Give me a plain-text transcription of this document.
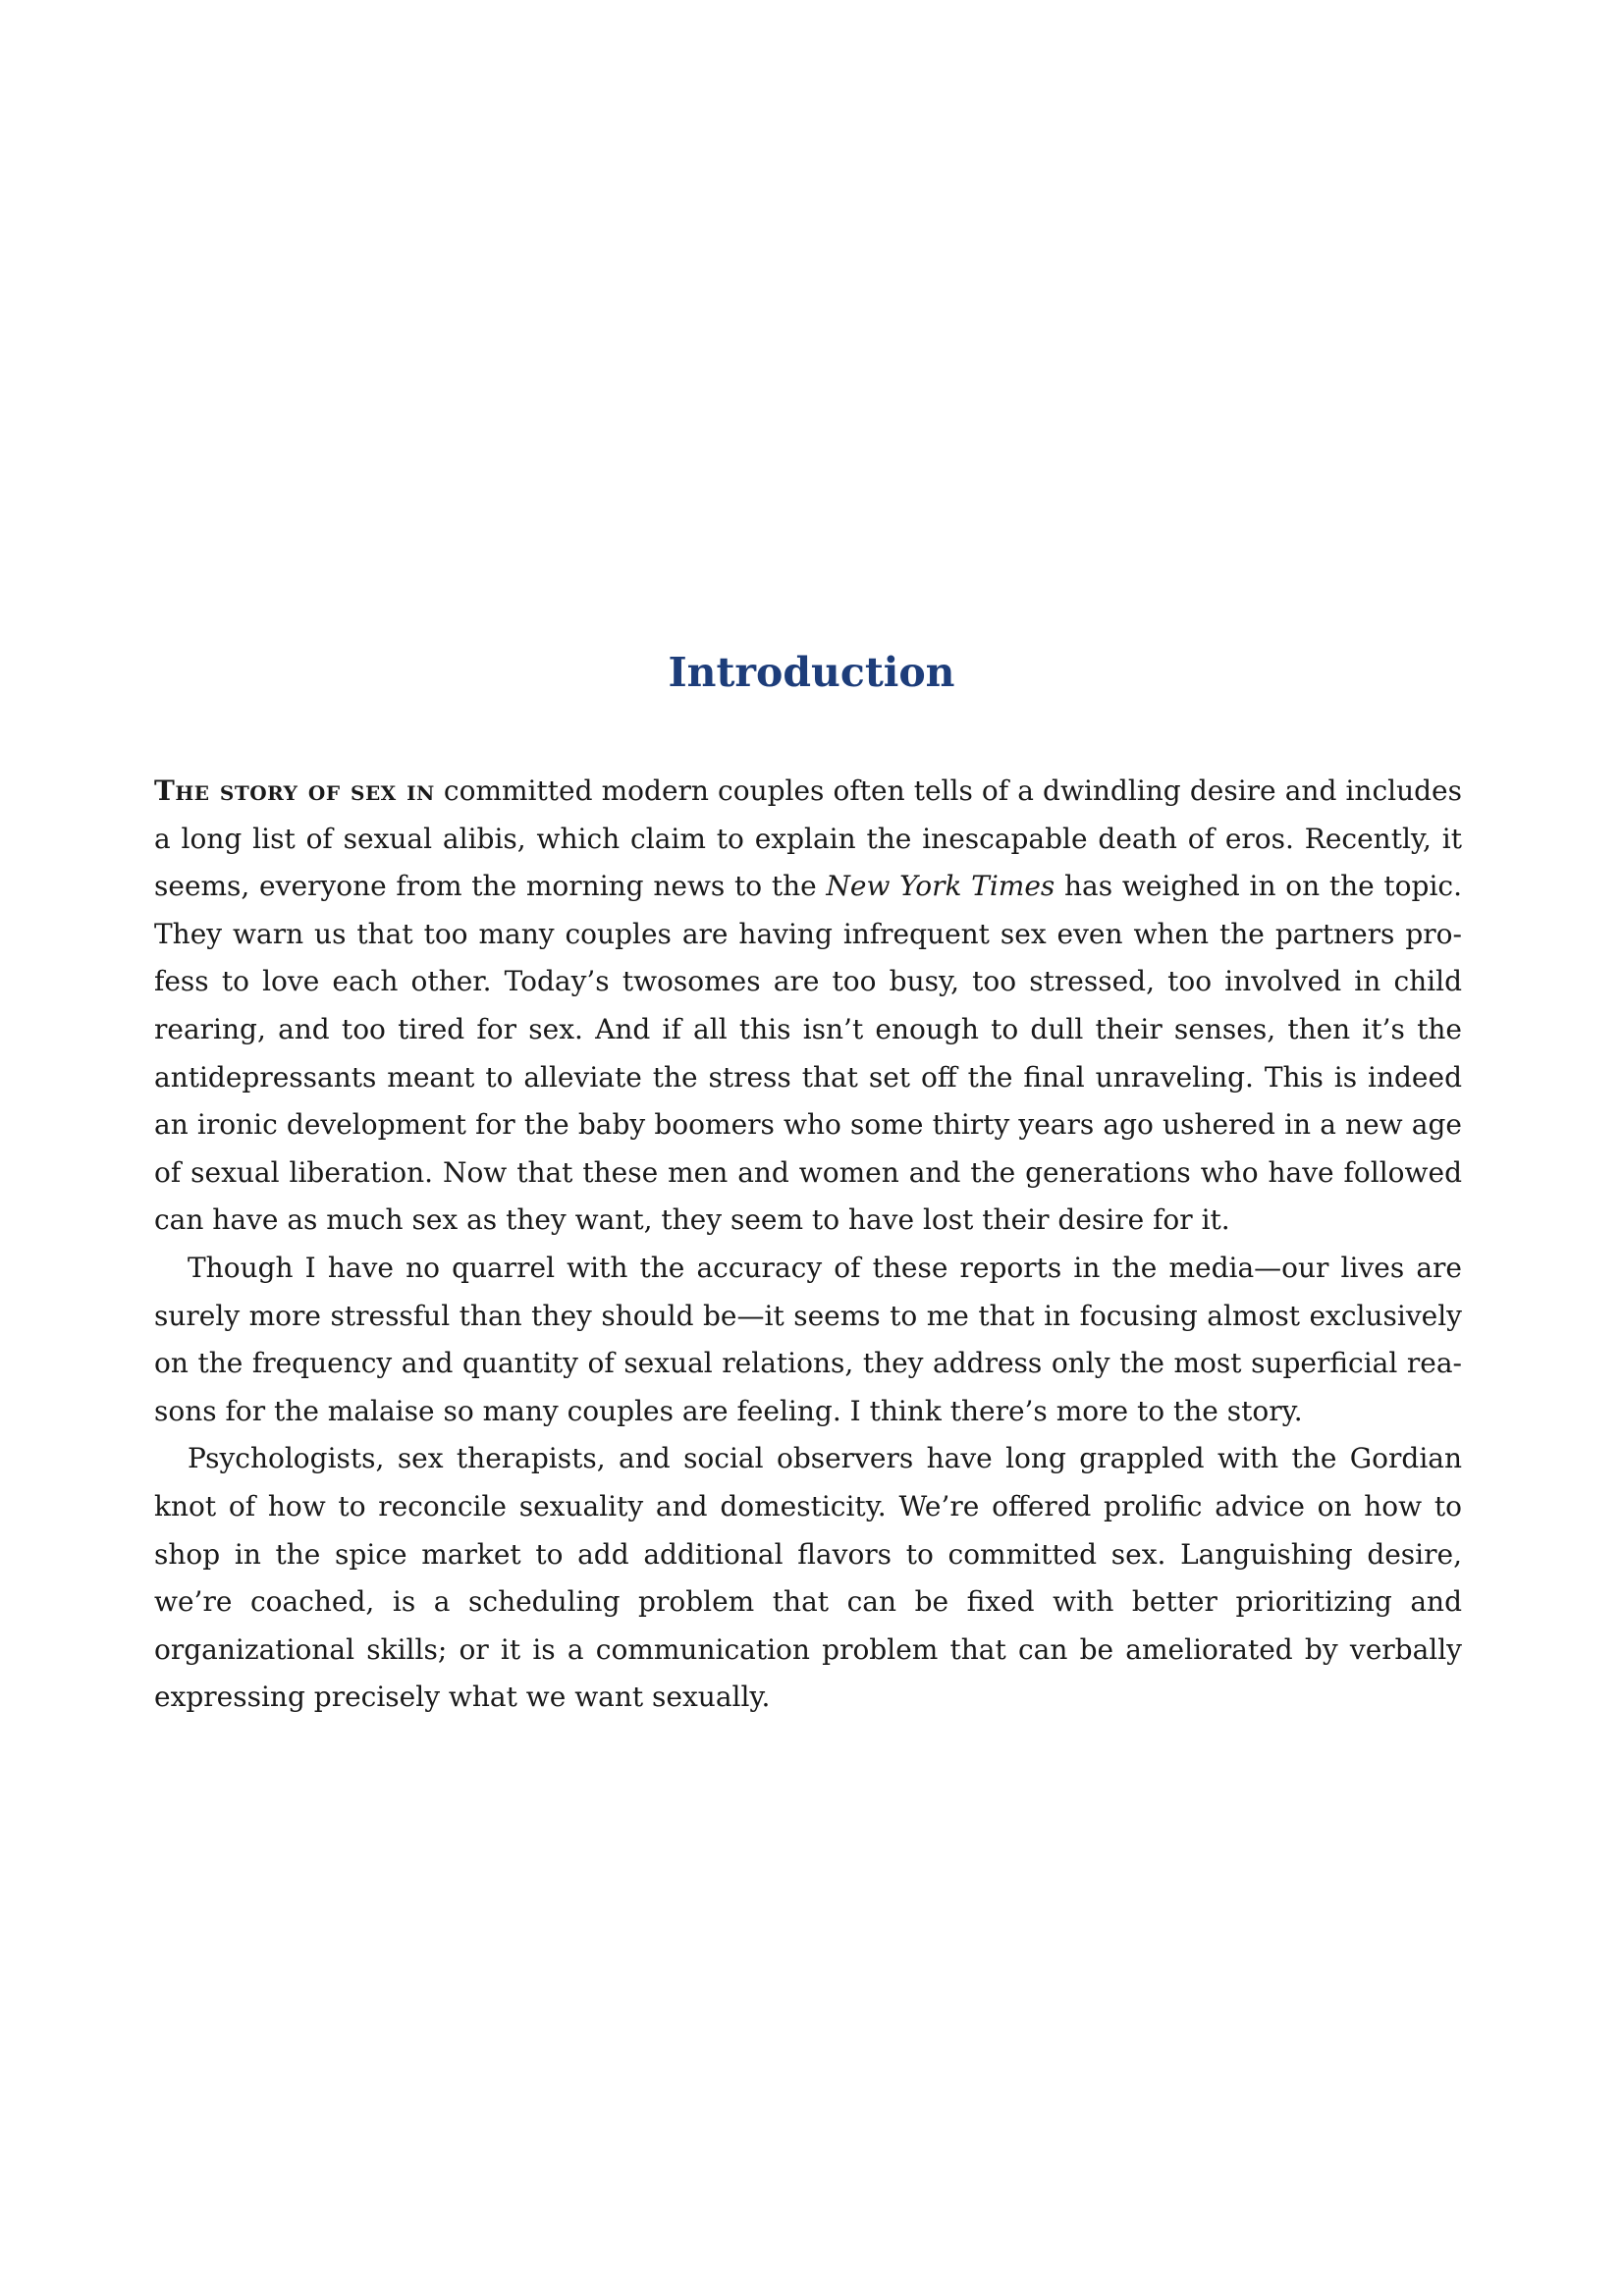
Introduction

The story of sex in committed modern couples often tells of a dwindling desire and includes a long list of sexual alibis, which claim to explain the inescapable death of eros. Recently, it seems, everyone from the morning news to the New York Times has weighed in on the topic. They warn us that too many couples are having infrequent sex even when the partners profess to love each other. Today’s twosomes are too busy, too stressed, too involved in child rearing, and too tired for sex. And if all this isn’t enough to dull their senses, then it’s the antidepressants meant to alleviate the stress that set off the final unraveling. This is indeed an ironic development for the baby boomers who some thirty years ago ushered in a new age of sexual liberation. Now that these men and women and the generations who have followed can have as much sex as they want, they seem to have lost their desire for it.

Though I have no quarrel with the accuracy of these reports in the media—our lives are surely more stressful than they should be—it seems to me that in focusing almost exclusively on the frequency and quantity of sexual relations, they address only the most superficial reasons for the malaise so many couples are feeling. I think there’s more to the story.

Psychologists, sex therapists, and social observers have long grappled with the Gordian knot of how to reconcile sexuality and domesticity. We’re offered prolific advice on how to shop in the spice market to add additional flavors to committed sex. Languishing desire, we’re coached, is a scheduling problem that can be fixed with better prioritizing and organizational skills; or it is a communication problem that can be ameliorated by verbally expressing precisely what we want sexually.
